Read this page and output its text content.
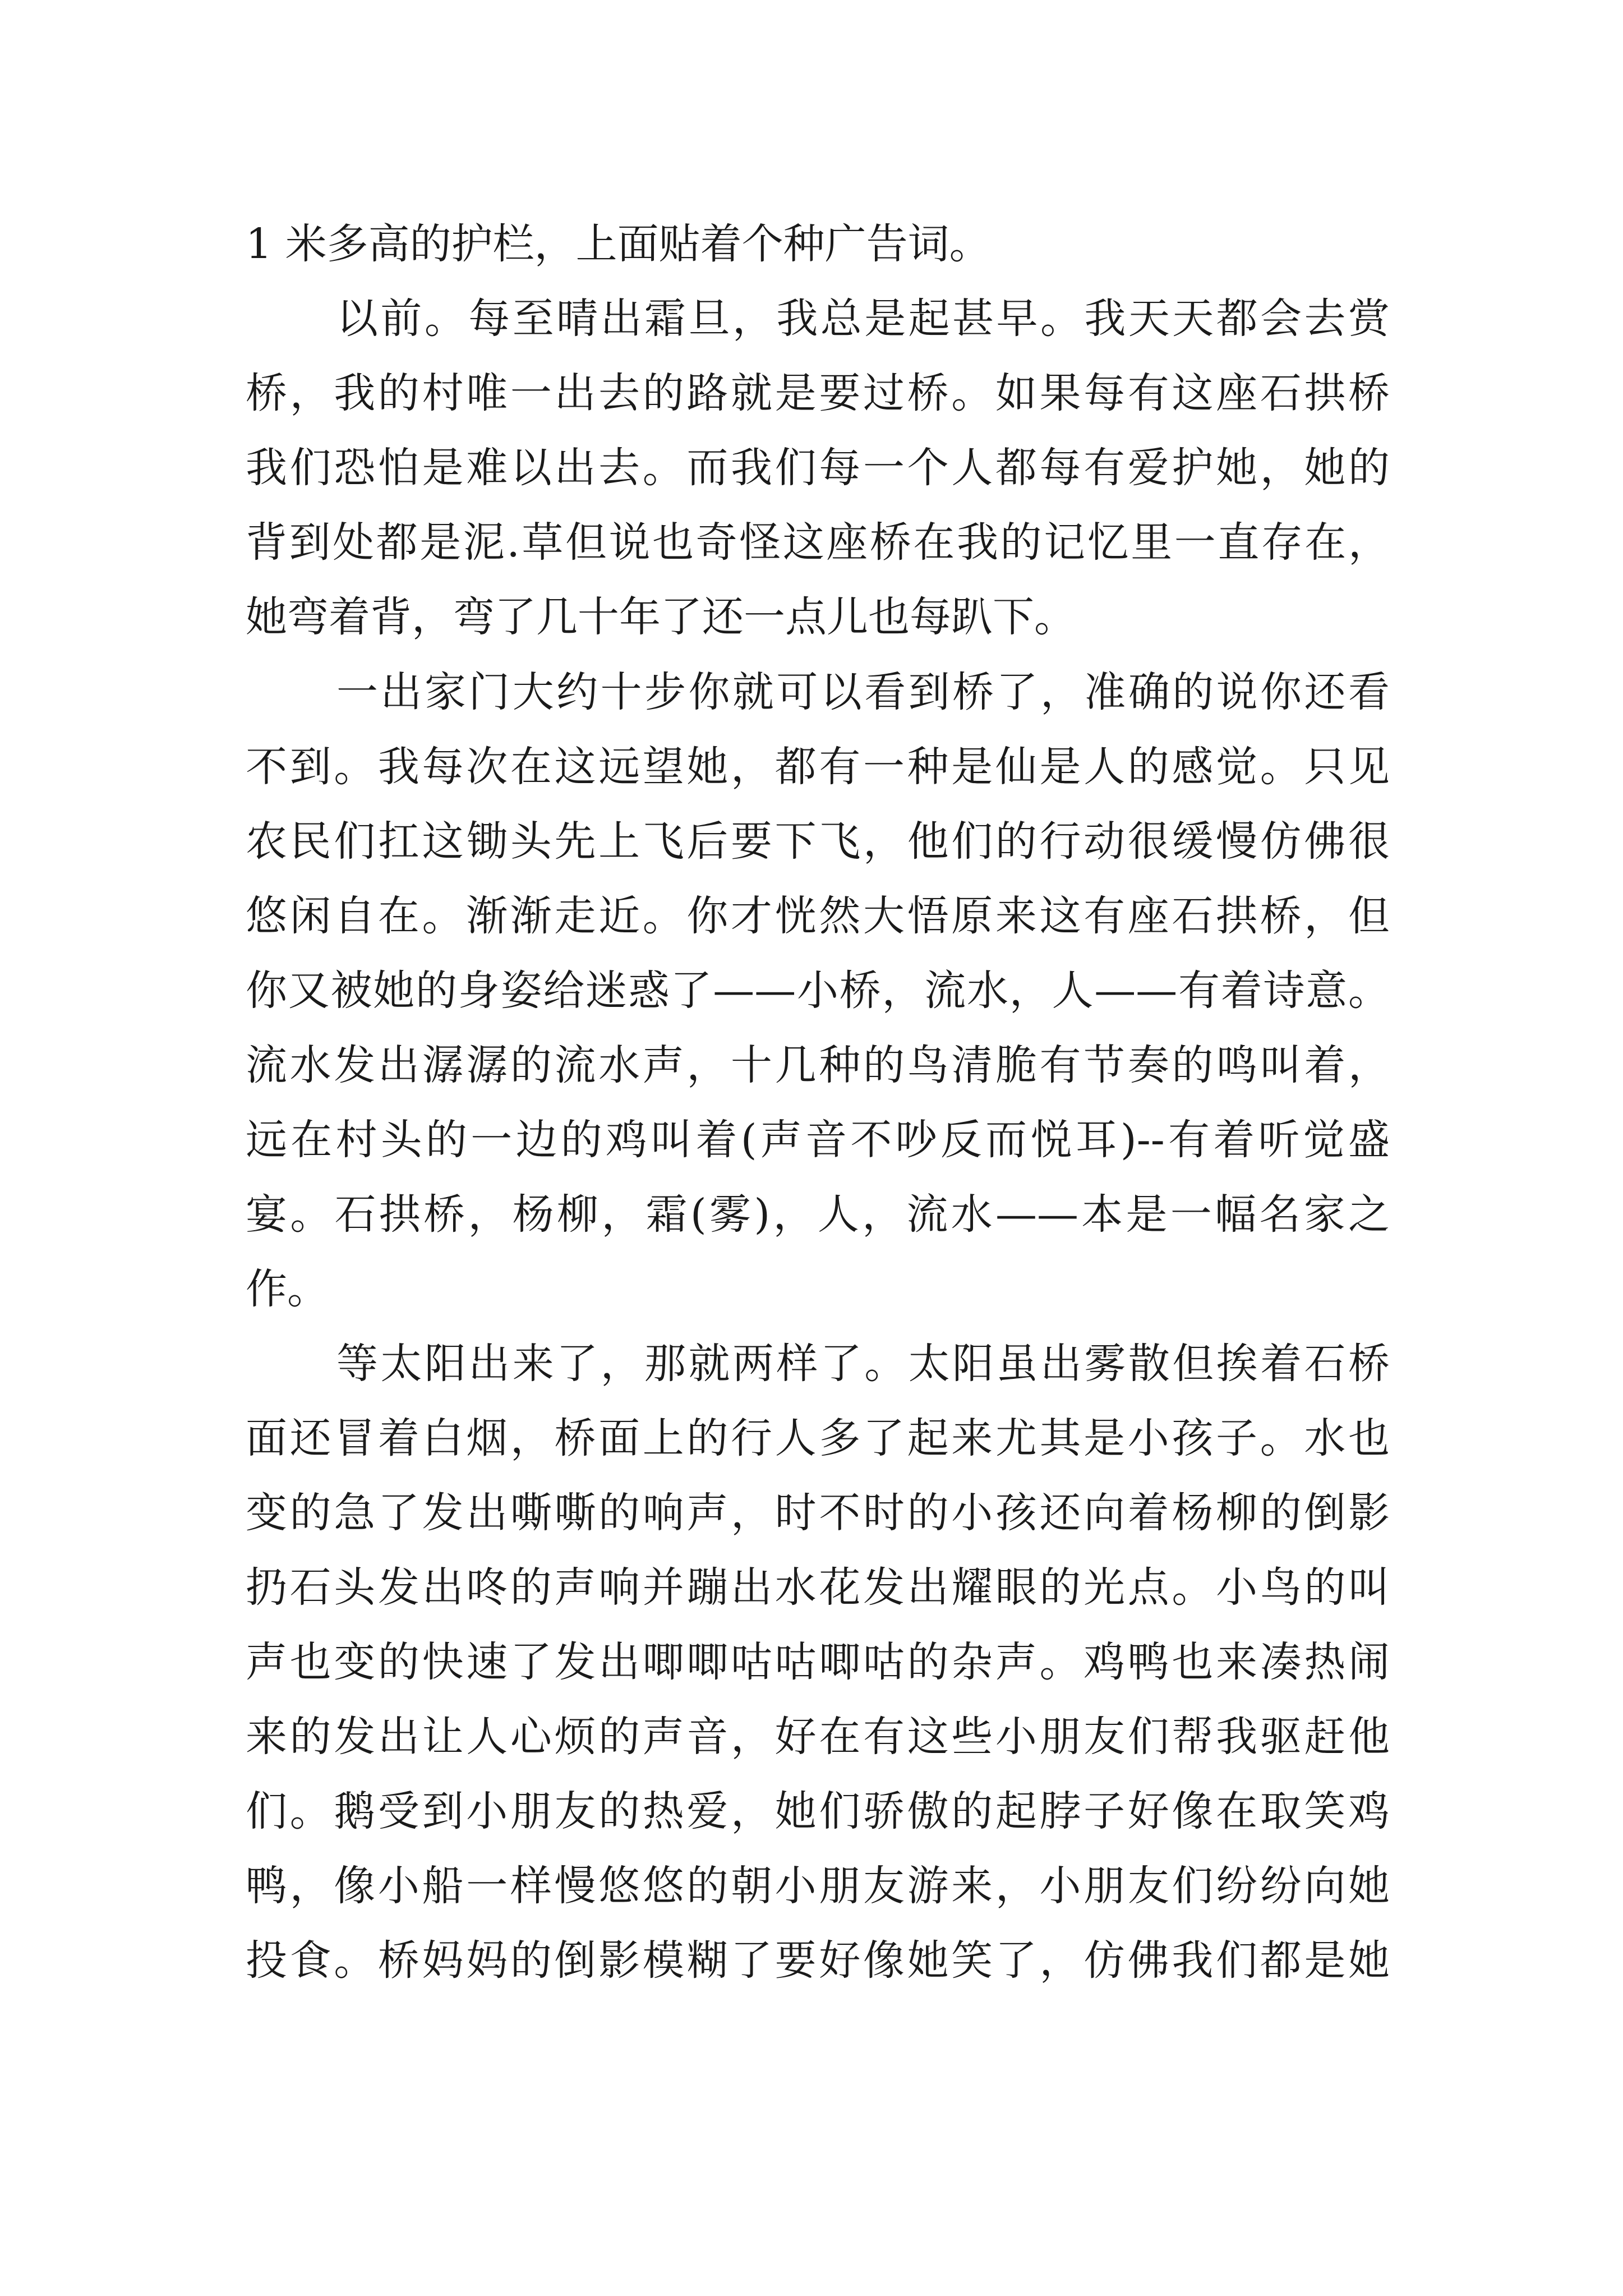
1 米多高的护栏，上面贴着个种广告词。
以前。每至晴出霜旦，我总是起甚早。我天天都会去赏
桥，我的村唯一出去的路就是要过桥。如果每有这座石拱桥
我们恐怕是难以出去。而我们每一个人都每有爱护她，她的
背到处都是泥.草但说也奇怪这座桥在我的记忆里一直存在，
她弯着背，弯了几十年了还一点儿也每趴下。
一出家门大约十步你就可以看到桥了，准确的说你还看
不到。我每次在这远望她，都有一种是仙是人的感觉。只见
农民们扛这锄头先上飞后要下飞，他们的行动很缓慢仿佛很
悠闲自在。渐渐走近。你才恍然大悟原来这有座石拱桥，但
你又被她的身姿给迷惑了——小桥，流水，人——有着诗意。
流水发出潺潺的流水声，十几种的鸟清脆有节奏的鸣叫着，
远在村头的一边的鸡叫着(声音不吵反而悦耳)--有着听觉盛
宴。石拱桥，杨柳，霜(雾)，人，流水——本是一幅名家之
作。
等太阳出来了，那就两样了。太阳虽出雾散但挨着石桥
面还冒着白烟，桥面上的行人多了起来尤其是小孩子。水也
变的急了发出嘶嘶的响声，时不时的小孩还向着杨柳的倒影
扔石头发出咚的声响并蹦出水花发出耀眼的光点。小鸟的叫
声也变的快速了发出唧唧咕咕唧咕的杂声。鸡鸭也来凑热闹
来的发出让人心烦的声音，好在有这些小朋友们帮我驱赶他
们。鹅受到小朋友的热爱，她们骄傲的起脖子好像在取笑鸡
鸭，像小船一样慢悠悠的朝小朋友游来，小朋友们纷纷向她
投食。桥妈妈的倒影模糊了要好像她笑了，仿佛我们都是她
